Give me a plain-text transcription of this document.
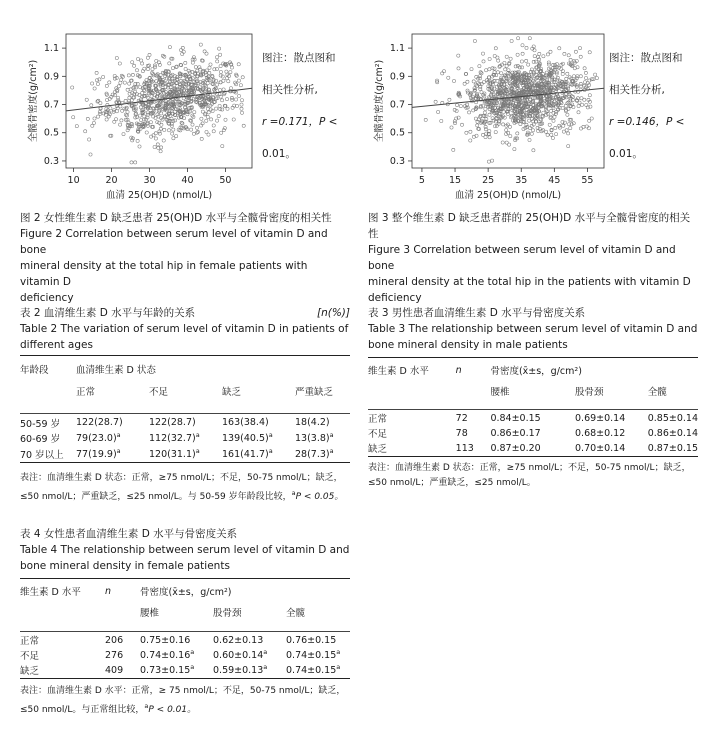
1.1
0.9
0.7
0.5
0.3
10	20	30	40	50
血清 25(OH)D (nmol/L)
全髋骨密度(g/cm²)

图注：散点图和

相关性分析,

r =0.171，P <

0.01。

图 2 女性维生素 D 缺乏患者 25(OH)D 水平与全髋骨密度的相关性
Figure 2 Correlation between serum level of vitamin D and bone
mineral density at the total hip in female patients with vitamin D
deficiency
1.1
0.9
0.7
0.5
0.3
5	15 25 35 45 55
血清 25(OH)D (nmol/L)
全髋骨密度(g/cm²)

图注：散点图和

相关性分析,

r =0.146，P <

0.01。

图 3 整个维生素 D 缺乏患者群的 25(OH)D 水平与全髋骨密度的相关
性
Figure 3 Correlation between serum level of vitamin D and bone
mineral density at the total hip in the patients with vitamin D
deficiency
表 2 血清维生素 D 水平与年龄的关系	[n(%)]
Table 2 The variation of serum level of vitamin D in patients of
different ages
年龄段	血清维生素 D 状态			
	正常	不足	缺乏	严重缺乏

50-59 岁	122(28.7)	122(28.7)	163(38.4)	18(4.2)
60-69 岁	$79(23.0)^a$	$112(32.7)^a$	$139(40.5)^a$	$13(3.8)^a$
70 岁以上	$77(19.9)^a$	$120(31.1)^a$	$161(41.7)^a$	$28(7.3)^a$
表注：血清维生素 D 状态：正常，≥75 nmol/L；不足，50-75 nmol/L；缺乏，
≤50 nmol/L；严重缺乏，≤25 nmol/L。与 50-59 岁年龄段比较，$^a$P < 0.05。
表 3 男性患者血清维生素 D 水平与骨密度关系
Table 3 The relationship between serum level of vitamin D and
bone mineral density in male patients
维生素 D 水平	n	骨密度(x̄±s，g/cm²)		
		腰椎	股骨颈	全髋

正常	72	0.84±0.15	0.69±0.14	0.85±0.14
不足	78	0.86±0.17	0.68±0.12	0.86±0.14
缺乏	113	0.87±0.20	0.70±0.14	0.87±0.15
表注：血清维生素 D 状态：正常，≥75 nmol/L；不足，50-75 nmol/L；缺乏，
≤50 nmol/L；严重缺乏，≤25 nmol/L。
表 4 女性患者血清维生素 D 水平与骨密度关系
Table 4 The relationship between serum level of vitamin D and
bone mineral density in female patients
维生素 D 水平	n	骨密度(x̄±s，g/cm²)		
		腰椎	股骨颈	全髋

正常	206	0.75±0.16	0.62±0.13	0.76±0.15
不足	276	0.74±0.16$^a$	0.60±0.14$^a$	0.74±0.15$^a$
缺乏	409	0.73±0.15$^a$	0.59±0.13$^a$	0.74±0.15$^a$
表注：血清维生素 D 水平：正常，≥ 75 nmol/L；不足，50-75 nmol/L；缺乏，
≤50 nmol/L。与正常组比较，$^a$P < 0.01。
